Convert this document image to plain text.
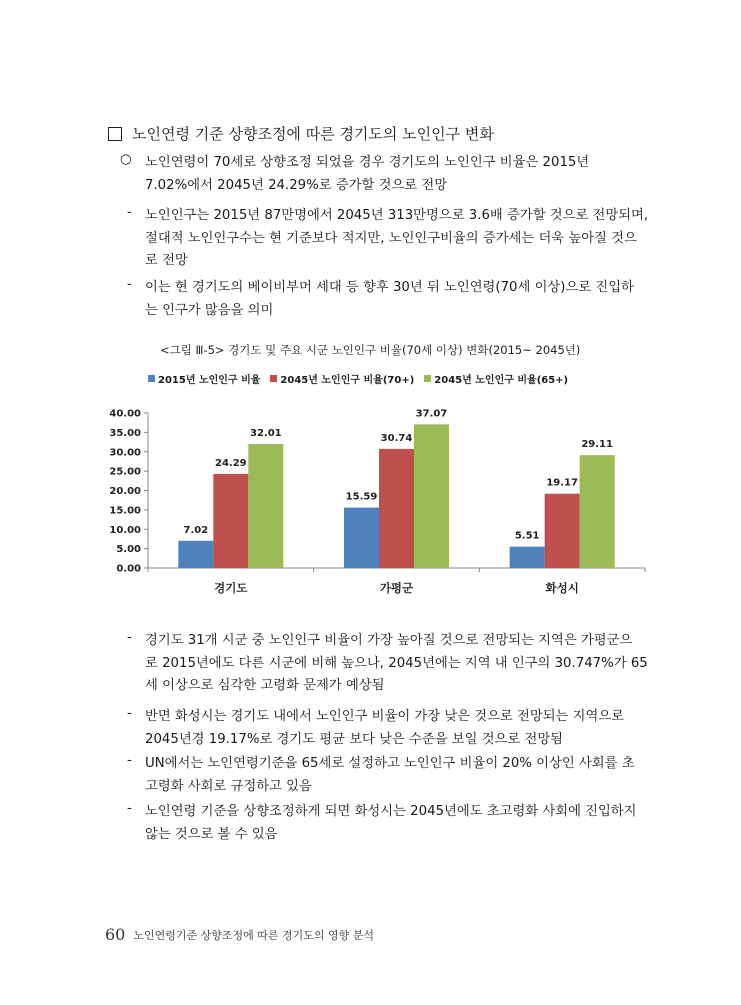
노인연령 기준 상향조정에 따른 경기도의 노인인구 변화
○	노인연령이 70세로 상향조정 되었을 경우 경기도의 노인인구 비율은 2015년
7.02%에서 2045년 24.29%로 증가할 것으로 전망
- 노인인구는 2015년 87만명에서 2045년 313만명으로 3.6배 증가할 것으로 전망되며,
절대적 노인인구수는 현 기준보다 적지만, 노인인구비율의 증가세는 더욱 높아질 것으
로 전망
- 이는 현 경기도의 베이비부머 세대 등 향후 30년 뒤 노인연령(70세 이상)으로 진입하
는 인구가 많음을 의미
<그림 Ⅲ-5> 경기도 및 주요 시군 노인인구 비율(70세 이상) 변화(2015~ 2045년)
2015년 노인인구 비율 2045년 노인인구 비율(70+) 2045년 노인인구 비율(65+)
0.00
5.00
10.00
15.00
20.00
25.00
30.00
35.00
40.00
7.02
24.29
32.01
경기도
15.59
30.74
37.07
가평군
5.51
19.17
29.11
화성시
- 경기도 31개 시군 중 노인인구 비율이 가장 높아질 것으로 전망되는 지역은 가평군으
로 2015년에도 다른 시군에 비해 높으나, 2045년에는 지역 내 인구의 30.747%가 65
세 이상으로 심각한 고령화 문제가 예상됨
- 반면 화성시는 경기도 내에서 노인인구 비율이 가장 낮은 것으로 전망되는 지역으로
2045년경 19.17%로 경기도 평균 보다 낮은 수준을 보일 것으로 전망됨
- UN에서는 노인연령기준을 65세로 설정하고 노인인구 비율이 20% 이상인 사회를 초
고령화 사회로 규정하고 있음
- 노인연령 기준을 상향조정하게 되면 화성시는 2045년에도 초고령화 사회에 진입하지
않는 것으로 볼 수 있음
60 노인연령기준 상향조정에 따른 경기도의 영향 분석
